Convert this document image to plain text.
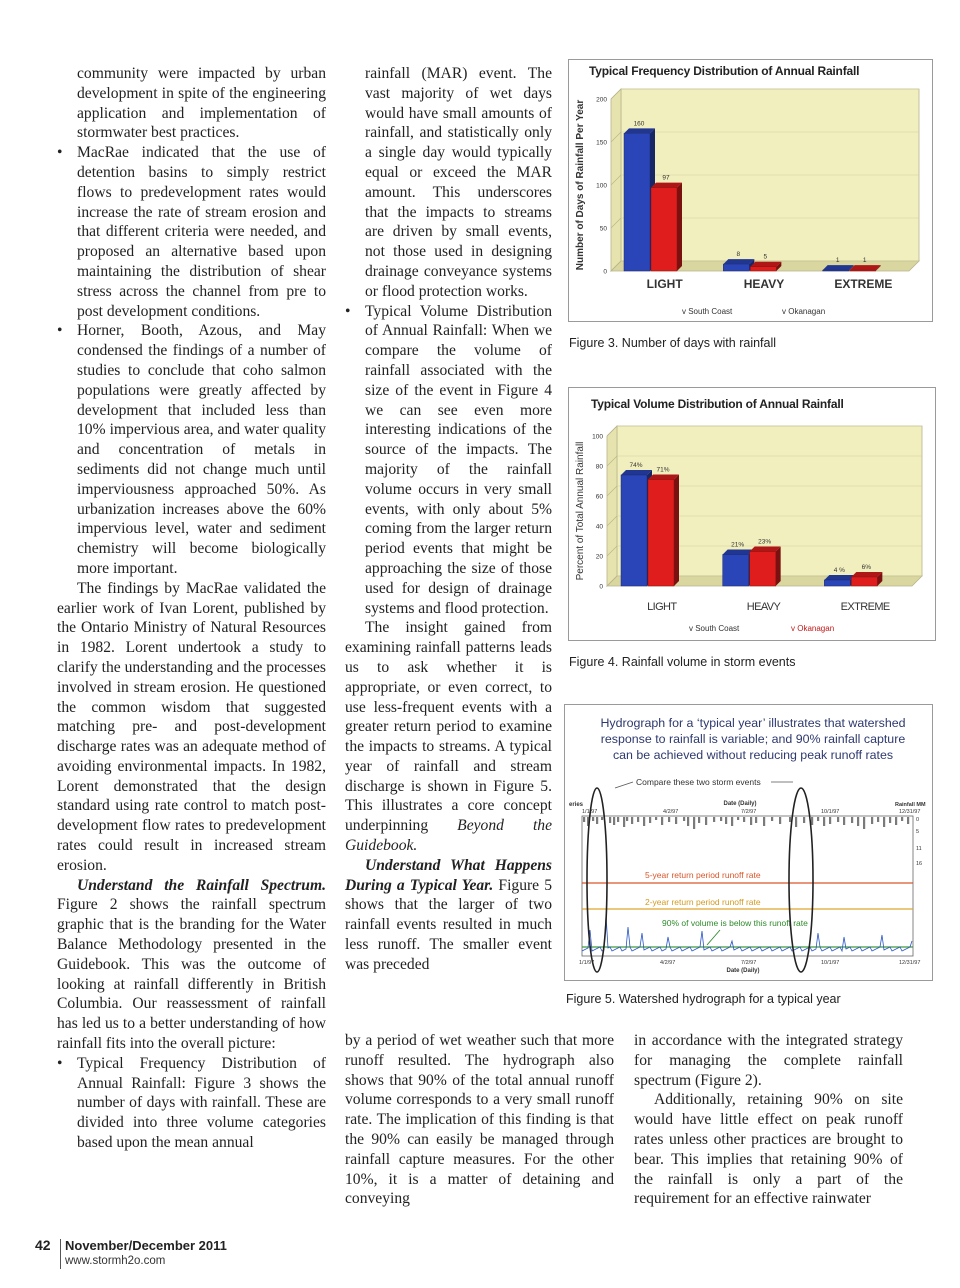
community were impacted by urban development in spite of the engineering application and implementation of stormwater best practices.

• MacRae indicated that the use of detention basins to simply restrict flows to predevelopment rates would increase the rate of stream erosion and that different criteria were needed, and proposed an alternative based upon maintaining the distribution of shear stress across the channel from pre to post development conditions.

• Horner, Booth, Azous, and May condensed the findings of a number of studies to conclude that coho salmon populations were greatly affected by development that included less than 10% impervious area, and water quality and concentration of metals in sediments did not change much until imperviousness approached 50%. As urbanization increases above the 60% impervious level, water and sediment chemistry will become biologically more important.

The findings by MacRae validated the earlier work of Ivan Lorent, published by the Ontario Ministry of Natural Resources in 1982. Lorent undertook a study to clarify the understanding and the processes involved in stream erosion. He questioned the common wisdom that suggested matching pre- and post-development discharge rates was an adequate method of avoiding environmental impacts. In 1982, Lorent demonstrated that the design standard using rate control to match post-development flow rates to predevelopment rates could result in increased stream erosion.

Understand the Rainfall Spectrum. Figure 2 shows the rainfall spectrum graphic that is the branding for the Water Balance Methodology presented in the Guidebook. This was the outcome of looking at rainfall differently in British Columbia. Our reassessment of rainfall has led us to a better understanding of how rainfall fits into the overall picture:

• Typical Frequency Distribution of Annual Rainfall: Figure 3 shows the number of days with rainfall. These are divided into three volume categories based upon the mean annual

rainfall (MAR) event. The vast majority of wet days would have small amounts of rainfall, and statistically only a single day would typically equal or exceed the MAR amount. This underscores that the impacts to streams are driven by small events, not those used in designing drainage conveyance systems or flood protection works.

• Typical Volume Distribution of Annual Rainfall: When we compare the volume of rainfall associated with the size of the event in Figure 4 we can see even more interesting indications of the source of the impacts. The majority of the rainfall volume occurs in very small events, with only about 5% coming from the larger return period events that might be approaching the size of those used for design of drainage systems and flood protection.

The insight gained from examining rainfall patterns leads us to ask whether it is appropriate, or even correct, to use less-frequent events with a greater return period to examine the impacts to streams. A typical year of rainfall and stream discharge is shown in Figure 5. This illustrates a core concept underpinning Beyond the Guidebook.

Understand What Happens During a Typical Year. Figure 5 shows that the larger of two rainfall events resulted in much less runoff. The smaller event was preceded

by a period of wet weather such that more runoff resulted. The hydrograph also shows that 90% of the total annual runoff volume corresponds to a very small runoff rate. The implication of this finding is that the 90% can easily be managed through rainfall capture measures. For the other 10%, it is a matter of detaining and conveying

in accordance with the integrated strategy for managing the complete rainfall spectrum (Figure 2).

Additionally, retaining 90% on site would have little effect on peak runoff rates unless other practices are brought to bear. This implies that retaining 90% of the rainfall is only a part of the requirement for an effective rainwater

Typical Frequency Distribution of Annual Rainfall
0
50
100
150
200
Number of Days of Rainfall Per Year	160
97
LIGHT
8	5
HEAVY
1	1
EXTREME
v South Coast	v Okanagan
Figure 3. Number of days with rainfall
Typical Volume Distribution of Annual Rainfall
0
20
40
60
80
100
Percent of Total Annual Rainfall	74%
71%
LIGHT
21% 23%
HEAVY
4 %	6%
EXTREME
v South Coast	v Okanagan
Figure 4. Rainfall volume in storm events
Hydrograph for a ‘typical year’ illustrates that watershed
response to rainfall is variable; and 90% rainfall capture
can be achieved without reducing peak runoff rates
Compare these two storm events
eries	Date (Daily)
1/1/97	4/2/97	7/2/97	10/1/97
Rainfall MM
12/31/97
0
5
11
16
5-year return period runoff rate
2-year return period runoff rate
90% of volume is below this runoff rate
1/1/97	4/2/97	7/2/97	10/1/97	12/31/97
Date (Daily)
Figure 5. Watershed hydrograph for a typical year
42 November/December 2011
www.stormh2o.com
